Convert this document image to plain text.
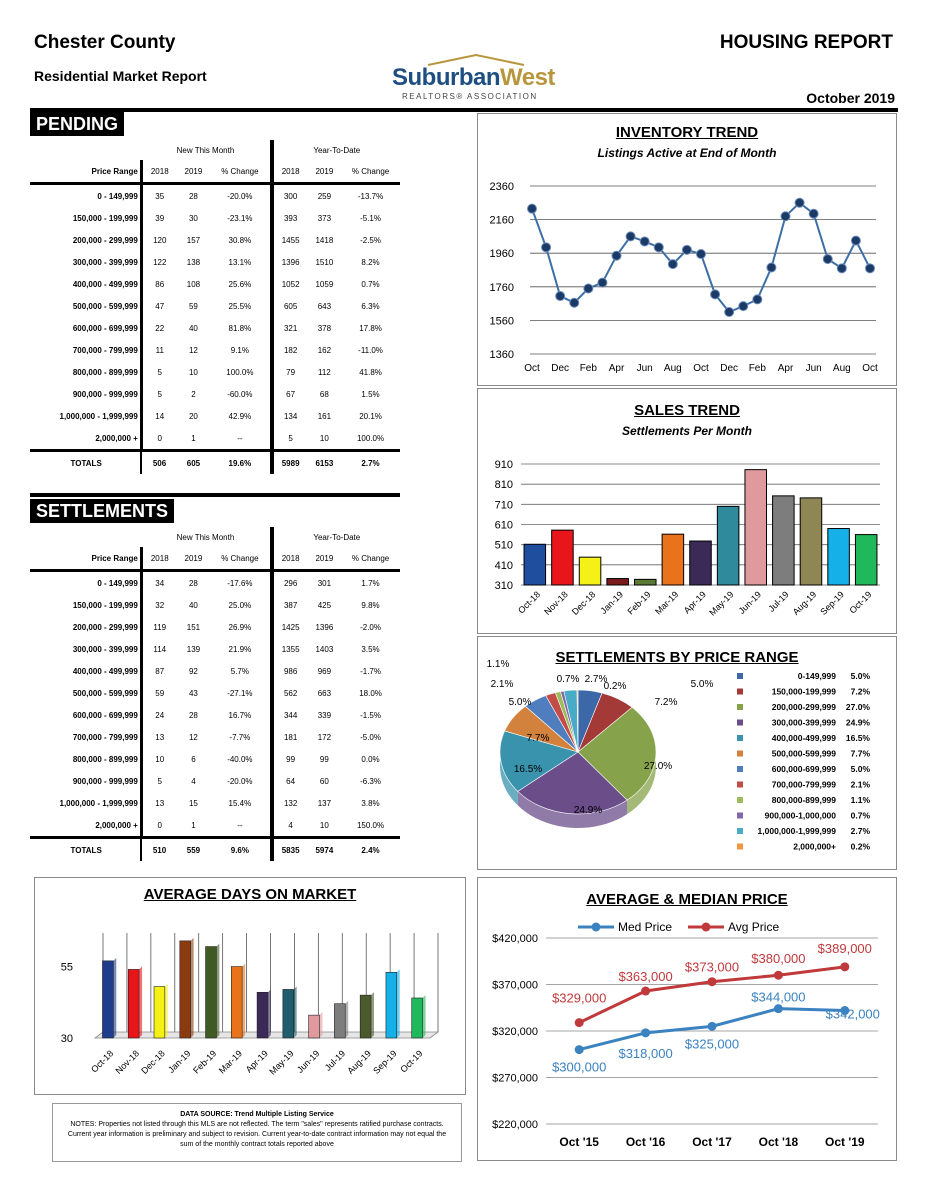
Chester County
Residential Market Report
HOUSING REPORT
October 2019
SuburbanWest
REALTORS® ASSOCIATION
PENDING
	New This Month			Year-To-Date		
Price Range	2018	2019	% Change	2018	2019	% Change
0 - 149,999	35	28	-20.0%	300	259	-13.7%
150,000 - 199,999	39	30	-23.1%	393	373	-5.1%
200,000 - 299,999	120	157	30.8%	1455	1418	-2.5%
300,000 - 399,999	122	138	13.1%	1396	1510	8.2%
400,000 - 499,999	86	108	25.6%	1052	1059	0.7%
500,000 - 599,999	47	59	25.5%	605	643	6.3%
600,000 - 699,999	22	40	81.8%	321	378	17.8%
700,000 - 799,999	11	12	9.1%	182	162	-11.0%
800,000 - 899,999	5	10	100.0%	79	112	41.8%
900,000 - 999,999	5	2	-60.0%	67	68	1.5%
1,000,000 - 1,999,999	14	20	42.9%	134	161	20.1%
2,000,000 +	0	1	--	5	10	100.0%
TOTALS	506	605	19.6%	5989	6153	2.7%
SETTLEMENTS
	New This Month			Year-To-Date		
Price Range	2018	2019	% Change	2018	2019	% Change
0 - 149,999	34	28	-17.6%	296	301	1.7%
150,000 - 199,999	32	40	25.0%	387	425	9.8%
200,000 - 299,999	119	151	26.9%	1425	1396	-2.0%
300,000 - 399,999	114	139	21.9%	1355	1403	3.5%
400,000 - 499,999	87	92	5.7%	986	969	-1.7%
500,000 - 599,999	59	43	-27.1%	562	663	18.0%
600,000 - 699,999	24	28	16.7%	344	339	-1.5%
700,000 - 799,999	13	12	-7.7%	181	172	-5.0%
800,000 - 899,999	10	6	-40.0%	99	99	0.0%
900,000 - 999,999	5	4	-20.0%	64	60	-6.3%
1,000,000 - 1,999,999	13	15	15.4%	132	137	3.8%
2,000,000 +	0	1	--	4	10	150.0%
TOTALS	510	559	9.6%	5835	5974	2.4%
INVENTORY TREND
Listings Active at End of Month
1360
1560
1760
1960
2160
2360
Oct Dec Feb Apr Jun Aug Oct Dec Feb Apr Jun Aug Oct
SALES TREND
Settlements Per Month
310
410
510
610
710
810
910
Oct-18 Nov-18 Dec-18 Jan-19 Feb-19 Mar-19 Apr-19 May-19 Jun-19 Jul-19 Aug-19 Sep-19 Oct-19
SETTLEMENTS BY PRICE RANGE
5.0%
7.2%
27.0%
24.9%
16.5%
7.7%
5.0%
2.1%
1.1%
0.7% 2.7%
0.2%
0-149,999 5.0%
150,000-199,999 7.2%
200,000-299,999 27.0%
300,000-399,999 24.9%
400,000-499,999 16.5%
500,000-599,999 7.7%
600,000-699,999 5.0%
700,000-799,999 2.1%
800,000-899,999 1.1%
900,000-1,000,000 0.7%
1,000,000-1,999,999 2.7%
2,000,000+ 0.2%
AVERAGE DAYS ON MARKET
30
55
Oct-18
Nov-18
Dec-18 Jan-19
Feb-19
Mar-19 Apr-19
May-19 Jun-19 Jul-19
Aug-19
Sep-19 Oct-19
DATA SOURCE: Trend Multiple Listing Service
NOTES: Properties not listed through this MLS are not reflected. The term "sales" represents ratified purchase contracts. Current year information is preliminary and subject to revision. Current year-to-date contract information may not equal the sum of the monthly contract totals reported above
AVERAGE & MEDIAN PRICE
$220,000
$270,000
$320,000
$370,000
$420,000
Oct '15 Oct '16 Oct '17 Oct '18 Oct '19
Med Price	Avg Price
$300,000
$318,000
$325,000
$344,000
$342,000
$329,000
$363,000
$373,000
$380,000
$389,000
